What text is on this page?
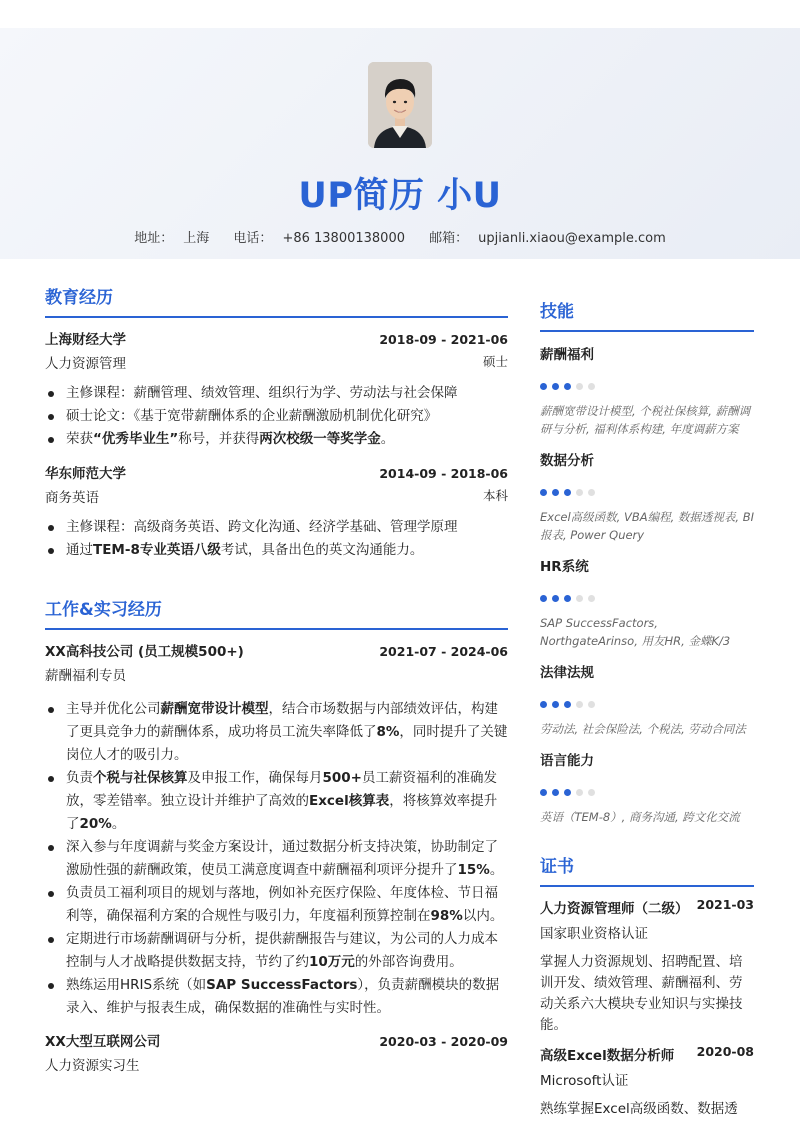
UP简历 小U
地址： 上海 电话： +86 13800138000 邮箱： upjianli.xiaou@example.com
教育经历
上海财经大学	2018-09 - 2021-06
人力资源管理	硕士
主修课程：薪酬管理、绩效管理、组织行为学、劳动法与社会保障
硕士论文：《基于宽带薪酬体系的企业薪酬激励机制优化研究》
荣获“优秀毕业生”称号，并获得两次校级一等奖学金。
华东师范大学	2014-09 - 2018-06
商务英语	本科
主修课程：高级商务英语、跨文化沟通、经济学基础、管理学原理
通过TEM-8专业英语八级考试，具备出色的英文沟通能力。
工作&实习经历
XX高科技公司 (员工规模500+)	2021-07 - 2024-06
薪酬福利专员
主导并优化公司薪酬宽带设计模型，结合市场数据与内部绩效评估，构建了更具竞争力的薪酬体系，成功将员工流失率降低了8%，同时提升了关键岗位人才的吸引力。
负责个税与社保核算及申报工作，确保每月500+员工薪资福利的准确发放，零差错率。独立设计并维护了高效的Excel核算表，将核算效率提升了20%。
深入参与年度调薪与奖金方案设计，通过数据分析支持决策，协助制定了激励性强的薪酬政策，使员工满意度调查中薪酬福利项评分提升了15%。
负责员工福利项目的规划与落地，例如补充医疗保险、年度体检、节日福利等，确保福利方案的合规性与吸引力，年度福利预算控制在98%以内。
定期进行市场薪酬调研与分析，提供薪酬报告与建议，为公司的人力成本控制与人才战略提供数据支持，节约了约10万元的外部咨询费用。
熟练运用HRIS系统（如SAP SuccessFactors），负责薪酬模块的数据录入、维护与报表生成，确保数据的准确性与实时性。
XX大型互联网公司	2020-03 - 2020-09
人力资源实习生
技能
薪酬福利
薪酬宽带设计模型, 个税社保核算, 薪酬调研与分析, 福利体系构建, 年度调薪方案
数据分析
Excel高级函数, VBA编程, 数据透视表, BI报表, Power Query
HR系统
SAP SuccessFactors, NorthgateArinso, 用友HR, 金蝶K/3
法律法规
劳动法, 社会保险法, 个税法, 劳动合同法
语言能力
英语（TEM-8）, 商务沟通, 跨文化交流
证书
人力资源管理师（二级） 2021-03
国家职业资格认证
掌握人力资源规划、招聘配置、培训开发、绩效管理、薪酬福利、劳动关系六大模块专业知识与实操技能。
高级Excel数据分析师 2020-08
Microsoft认证
熟练掌握Excel高级函数、数据透
